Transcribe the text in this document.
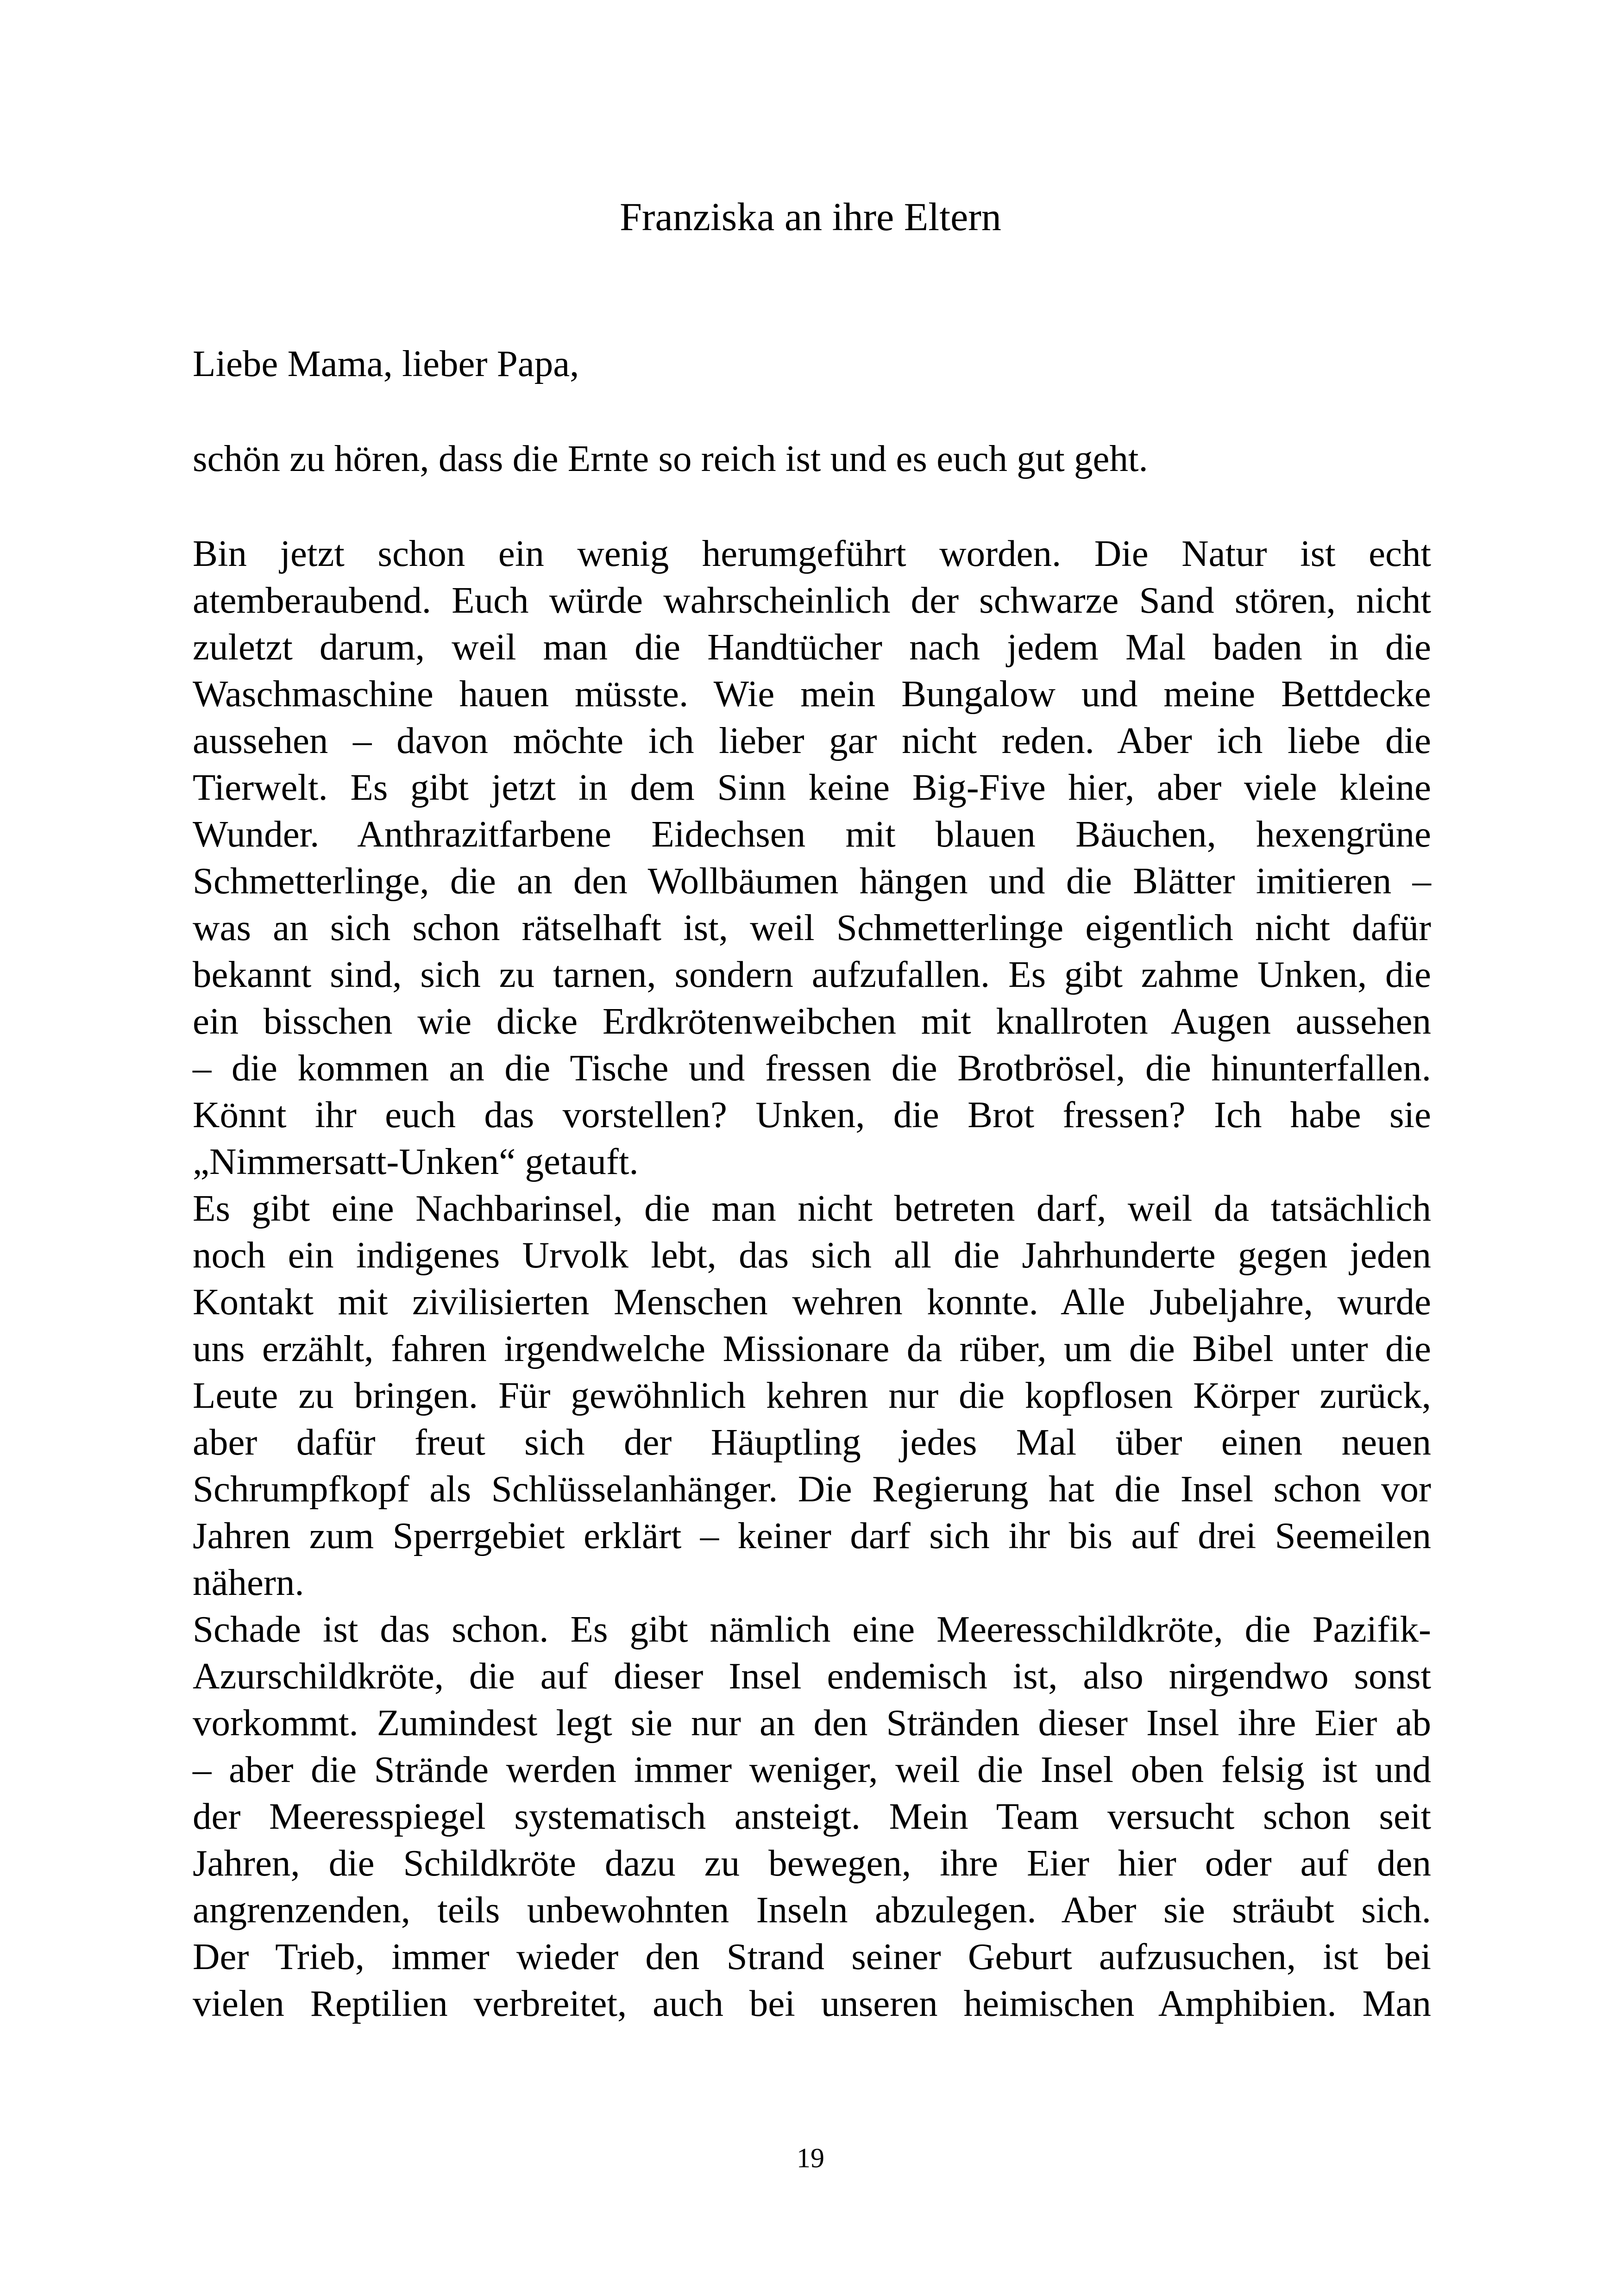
Franziska an ihre Eltern

Liebe Mama, lieber Papa,

schön zu hören, dass die Ernte so reich ist und es euch gut geht.

Bin jetzt schon ein wenig herumgeführt worden. Die Natur ist echt

atemberaubend. Euch würde wahrscheinlich der schwarze Sand stören, nicht

zuletzt darum, weil man die Handtücher nach jedem Mal baden in die

Waschmaschine hauen müsste. Wie mein Bungalow und meine Bettdecke

aussehen – davon möchte ich lieber gar nicht reden. Aber ich liebe die

Tierwelt. Es gibt jetzt in dem Sinn keine Big-Five hier, aber viele kleine

Wunder. Anthrazitfarbene Eidechsen mit blauen Bäuchen, hexengrüne

Schmetterlinge, die an den Wollbäumen hängen und die Blätter imitieren –

was an sich schon rätselhaft ist, weil Schmetterlinge eigentlich nicht dafür

bekannt sind, sich zu tarnen, sondern aufzufallen. Es gibt zahme Unken, die

ein bisschen wie dicke Erdkrötenweibchen mit knallroten Augen aussehen

– die kommen an die Tische und fressen die Brotbrösel, die hinunterfallen.

Könnt ihr euch das vorstellen? Unken, die Brot fressen? Ich habe sie

„Nimmersatt-Unken“ getauft.

Es gibt eine Nachbarinsel, die man nicht betreten darf, weil da tatsächlich

noch ein indigenes Urvolk lebt, das sich all die Jahrhunderte gegen jeden

Kontakt mit zivilisierten Menschen wehren konnte. Alle Jubeljahre, wurde

uns erzählt, fahren irgendwelche Missionare da rüber, um die Bibel unter die

Leute zu bringen. Für gewöhnlich kehren nur die kopflosen Körper zurück,

aber dafür freut sich der Häuptling jedes Mal über einen neuen

Schrumpfkopf als Schlüsselanhänger. Die Regierung hat die Insel schon vor

Jahren zum Sperrgebiet erklärt – keiner darf sich ihr bis auf drei Seemeilen

nähern.

Schade ist das schon. Es gibt nämlich eine Meeresschildkröte, die Pazifik-

Azurschildkröte, die auf dieser Insel endemisch ist, also nirgendwo sonst

vorkommt. Zumindest legt sie nur an den Stränden dieser Insel ihre Eier ab

– aber die Strände werden immer weniger, weil die Insel oben felsig ist und

der Meeresspiegel systematisch ansteigt. Mein Team versucht schon seit

Jahren, die Schildkröte dazu zu bewegen, ihre Eier hier oder auf den

angrenzenden, teils unbewohnten Inseln abzulegen. Aber sie sträubt sich.

Der Trieb, immer wieder den Strand seiner Geburt aufzusuchen, ist bei

vielen Reptilien verbreitet, auch bei unseren heimischen Amphibien. Man

19
